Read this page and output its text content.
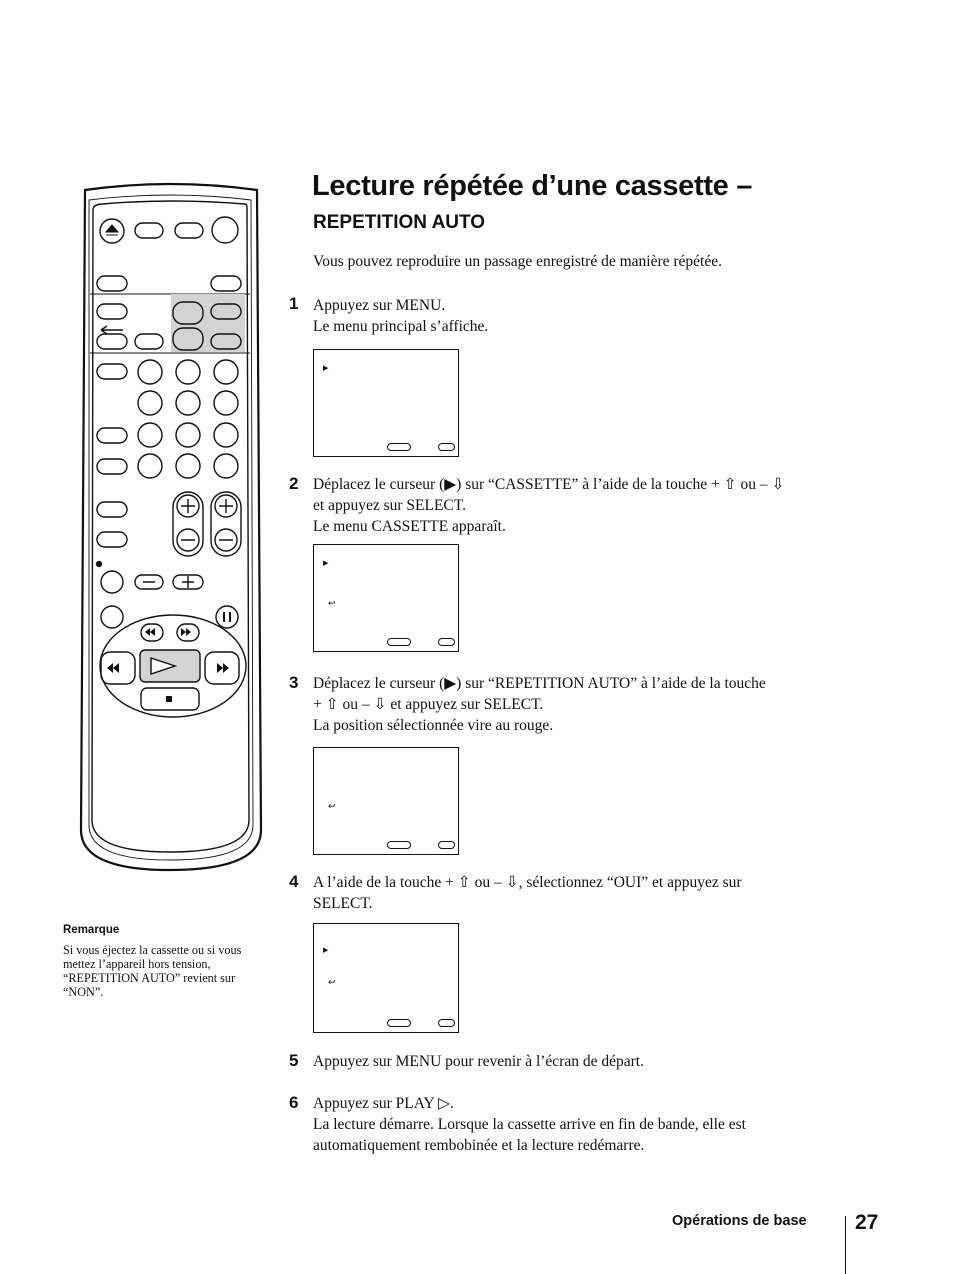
Lecture répétée d’une cassette –
REPETITION AUTO
Vous pouvez reproduire un passage enregistré de manière répétée.
1 Appuyez sur MENU.
Le menu principal s’affiche.
▶
2 Déplacez le curseur (▶) sur “CASSETTE” à l’aide de la touche + ⇧ ou – ⇩
et appuyez sur SELECT.
Le menu CASSETTE apparaît.
▶
↩
3 Déplacez le curseur (▶) sur “REPETITION AUTO” à l’aide de la touche
+ ⇧ ou – ⇩ et appuyez sur SELECT.
La position sélectionnée vire au rouge.
↩
4 A l’aide de la touche + ⇧ ou – ⇩, sélectionnez “OUI” et appuyez sur
SELECT.
▶
↩
5 Appuyez sur MENU pour revenir à l’écran de départ.
6 Appuyez sur PLAY ▷.
La lecture démarre. Lorsque la cassette arrive en fin de bande, elle est
automatiquement rembobinée et la lecture redémarre.
Remarque
Si vous éjectez la cassette ou si vous
mettez l’appareil hors tension,
“REPETITION AUTO” revient sur
“NON”.
Opérations de base 27
